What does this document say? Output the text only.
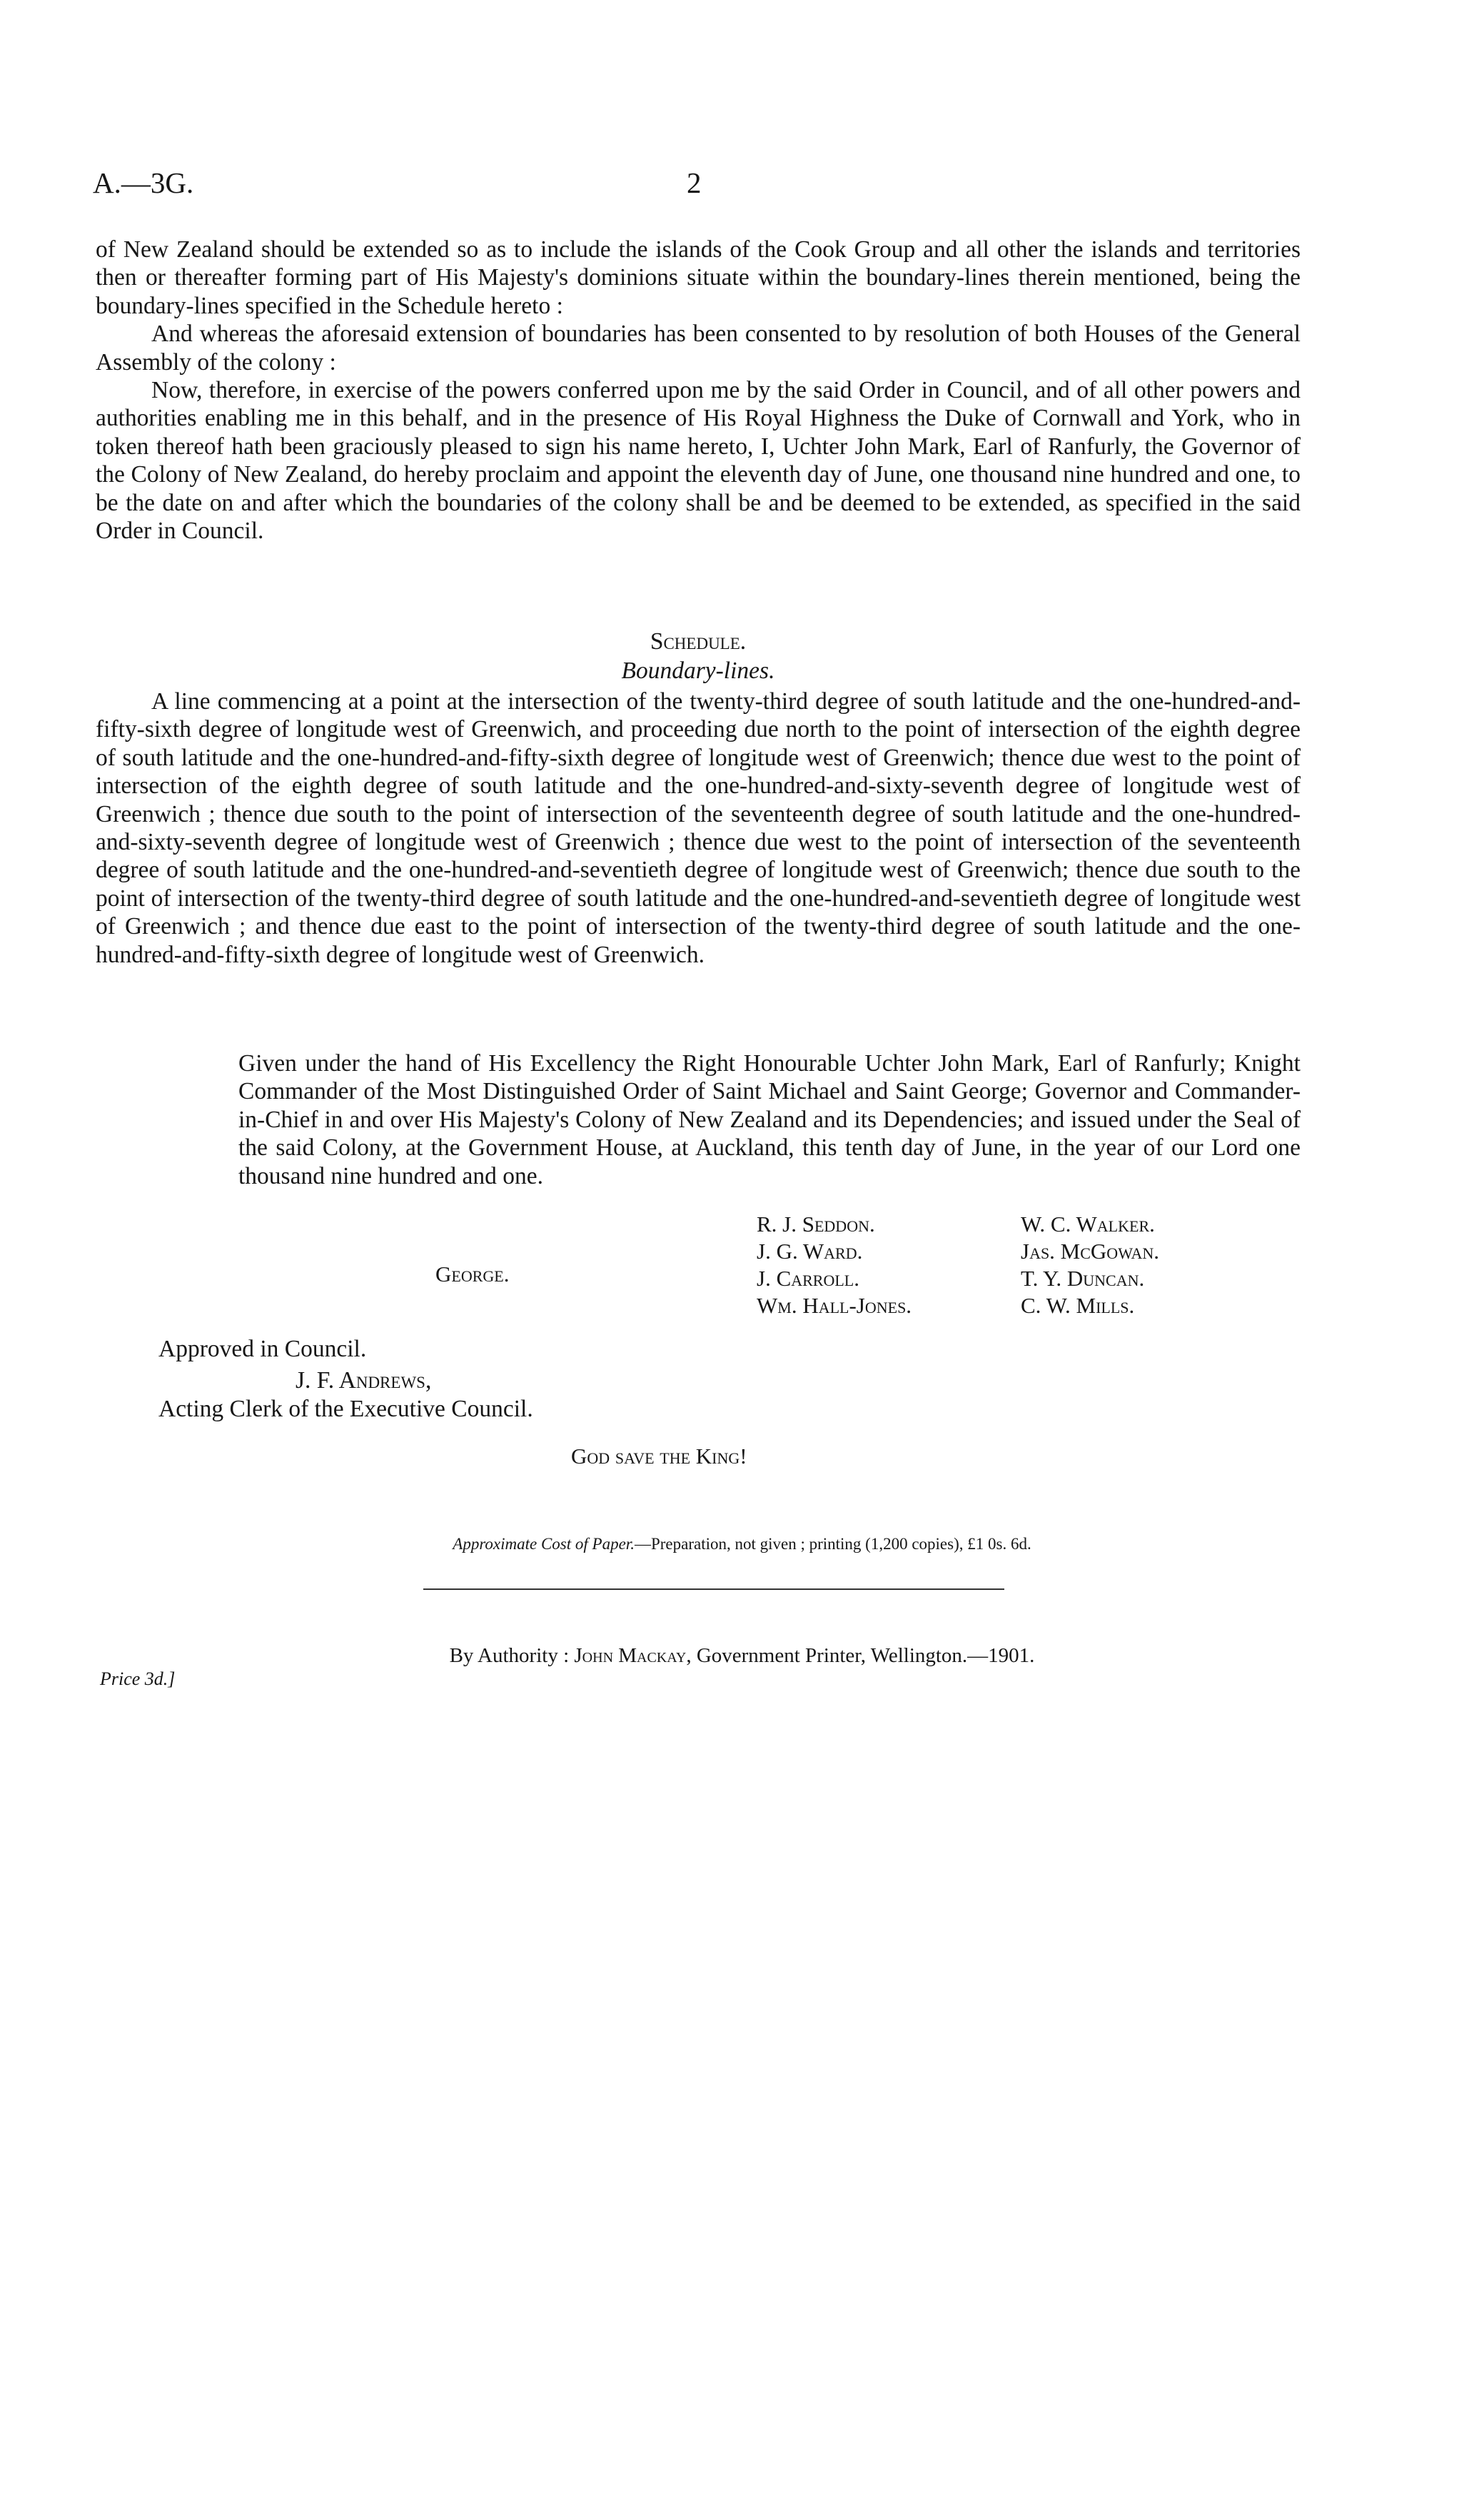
A.—3G.	2

of New Zealand should be extended so as to include the islands of the Cook Group and all other the islands and territories then or thereafter forming part of His Majesty's dominions situate within the boundary-lines therein mentioned, being the boundary-lines specified in the Schedule hereto :

And whereas the aforesaid extension of boundaries has been consented to by resolution of both Houses of the General Assembly of the colony :

Now, therefore, in exercise of the powers conferred upon me by the said Order in Council, and of all other powers and authorities enabling me in this behalf, and in the presence of His Royal Highness the Duke of Cornwall and York, who in token thereof hath been graciously pleased to sign his name hereto, I, Uchter John Mark, Earl of Ranfurly, the Governor of the Colony of New Zealand, do hereby proclaim and appoint the eleventh day of June, one thousand nine hundred and one, to be the date on and after which the boundaries of the colony shall be and be deemed to be extended, as specified in the said Order in Council.

Schedule.
Boundary-lines.

A line commencing at a point at the intersection of the twenty-third degree of south latitude and the one-hundred-and-fifty-sixth degree of longitude west of Greenwich, and proceeding due north to the point of intersection of the eighth degree of south latitude and the one-hundred-and-fifty-sixth degree of longitude west of Greenwich; thence due west to the point of intersection of the eighth degree of south latitude and the one-hundred-and-sixty-seventh degree of longitude west of Greenwich ; thence due south to the point of intersection of the seventeenth degree of south latitude and the one-hundred-and-sixty-seventh degree of longitude west of Greenwich ; thence due west to the point of intersection of the seventeenth degree of south latitude and the one-hundred-and-seventieth degree of longitude west of Greenwich; thence due south to the point of intersection of the twenty-third degree of south latitude and the one-hundred-and-seventieth degree of longitude west of Greenwich ; and thence due east to the point of intersection of the twenty-third degree of south latitude and the one-hundred-and-fifty-sixth degree of longitude west of Greenwich.

Given under the hand of His Excellency the Right Honourable Uchter John Mark, Earl of Ranfurly; Knight Commander of the Most Distinguished Order of Saint Michael and Saint George; Governor and Commander-in-Chief in and over His Majesty's Colony of New Zealand and its Dependencies; and issued under the Seal of the said Colony, at the Government House, at Auckland, this tenth day of June, in the year of our Lord one thousand nine hundred and one.

George.
R. J. Seddon.
J. G. Ward.
J. Carroll.
Wm. Hall-Jones.
W. C. Walker.
Jas. McGowan.
T. Y. Duncan.
C. W. Mills.
Approved in Council.
J. F. Andrews,
Acting Clerk of the Executive Council.
God save the King!
Approximate Cost of Paper.—Preparation, not given ; printing (1,200 copies), £1 0s. 6d.
By Authority : John Mackay, Government Printer, Wellington.—1901.
Price 3d.]
